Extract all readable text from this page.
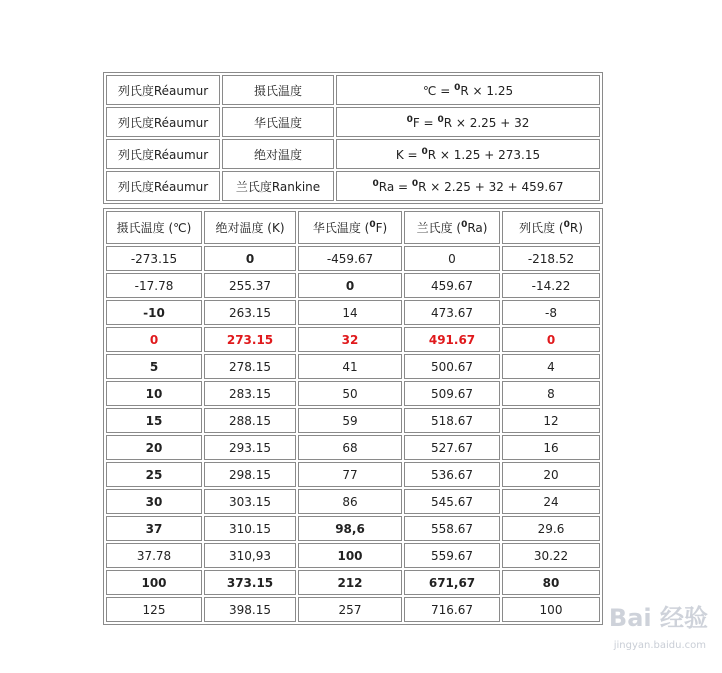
列氏度Réaumur	摄氏温度	℃ = $^0$R × 1.25
列氏度Réaumur	华氏温度	$^0$F = $^0$R × 2.25 + 32
列氏度Réaumur	绝对温度	K = $^0$R × 1.25 + 273.15
列氏度Réaumur	兰氏度Rankine	$^0$Ra = $^0$R × 2.25 + 32 + 459.67
摄氏温度 (℃)	绝对温度 (K)	华氏温度 ($^0$F)	兰氏度 ($^0$Ra)	列氏度 ($^0$R)
-273.15	0	-459.67	0	-218.52
-17.78	255.37	0	459.67	-14.22
-10	263.15	14	473.67	-8
0	273.15	32	491.67	0
5	278.15	41	500.67	4
10	283.15	50	509.67	8
15	288.15	59	518.67	12
20	293.15	68	527.67	16
25	298.15	77	536.67	20
30	303.15	86	545.67	24
37	310.15	98,6	558.67	29.6
37.78	310,93	100	559.67	30.22
100	373.15	212	671,67	80
125	398.15	257	716.67	100 Bai 经验
jingyan.baidu.com
